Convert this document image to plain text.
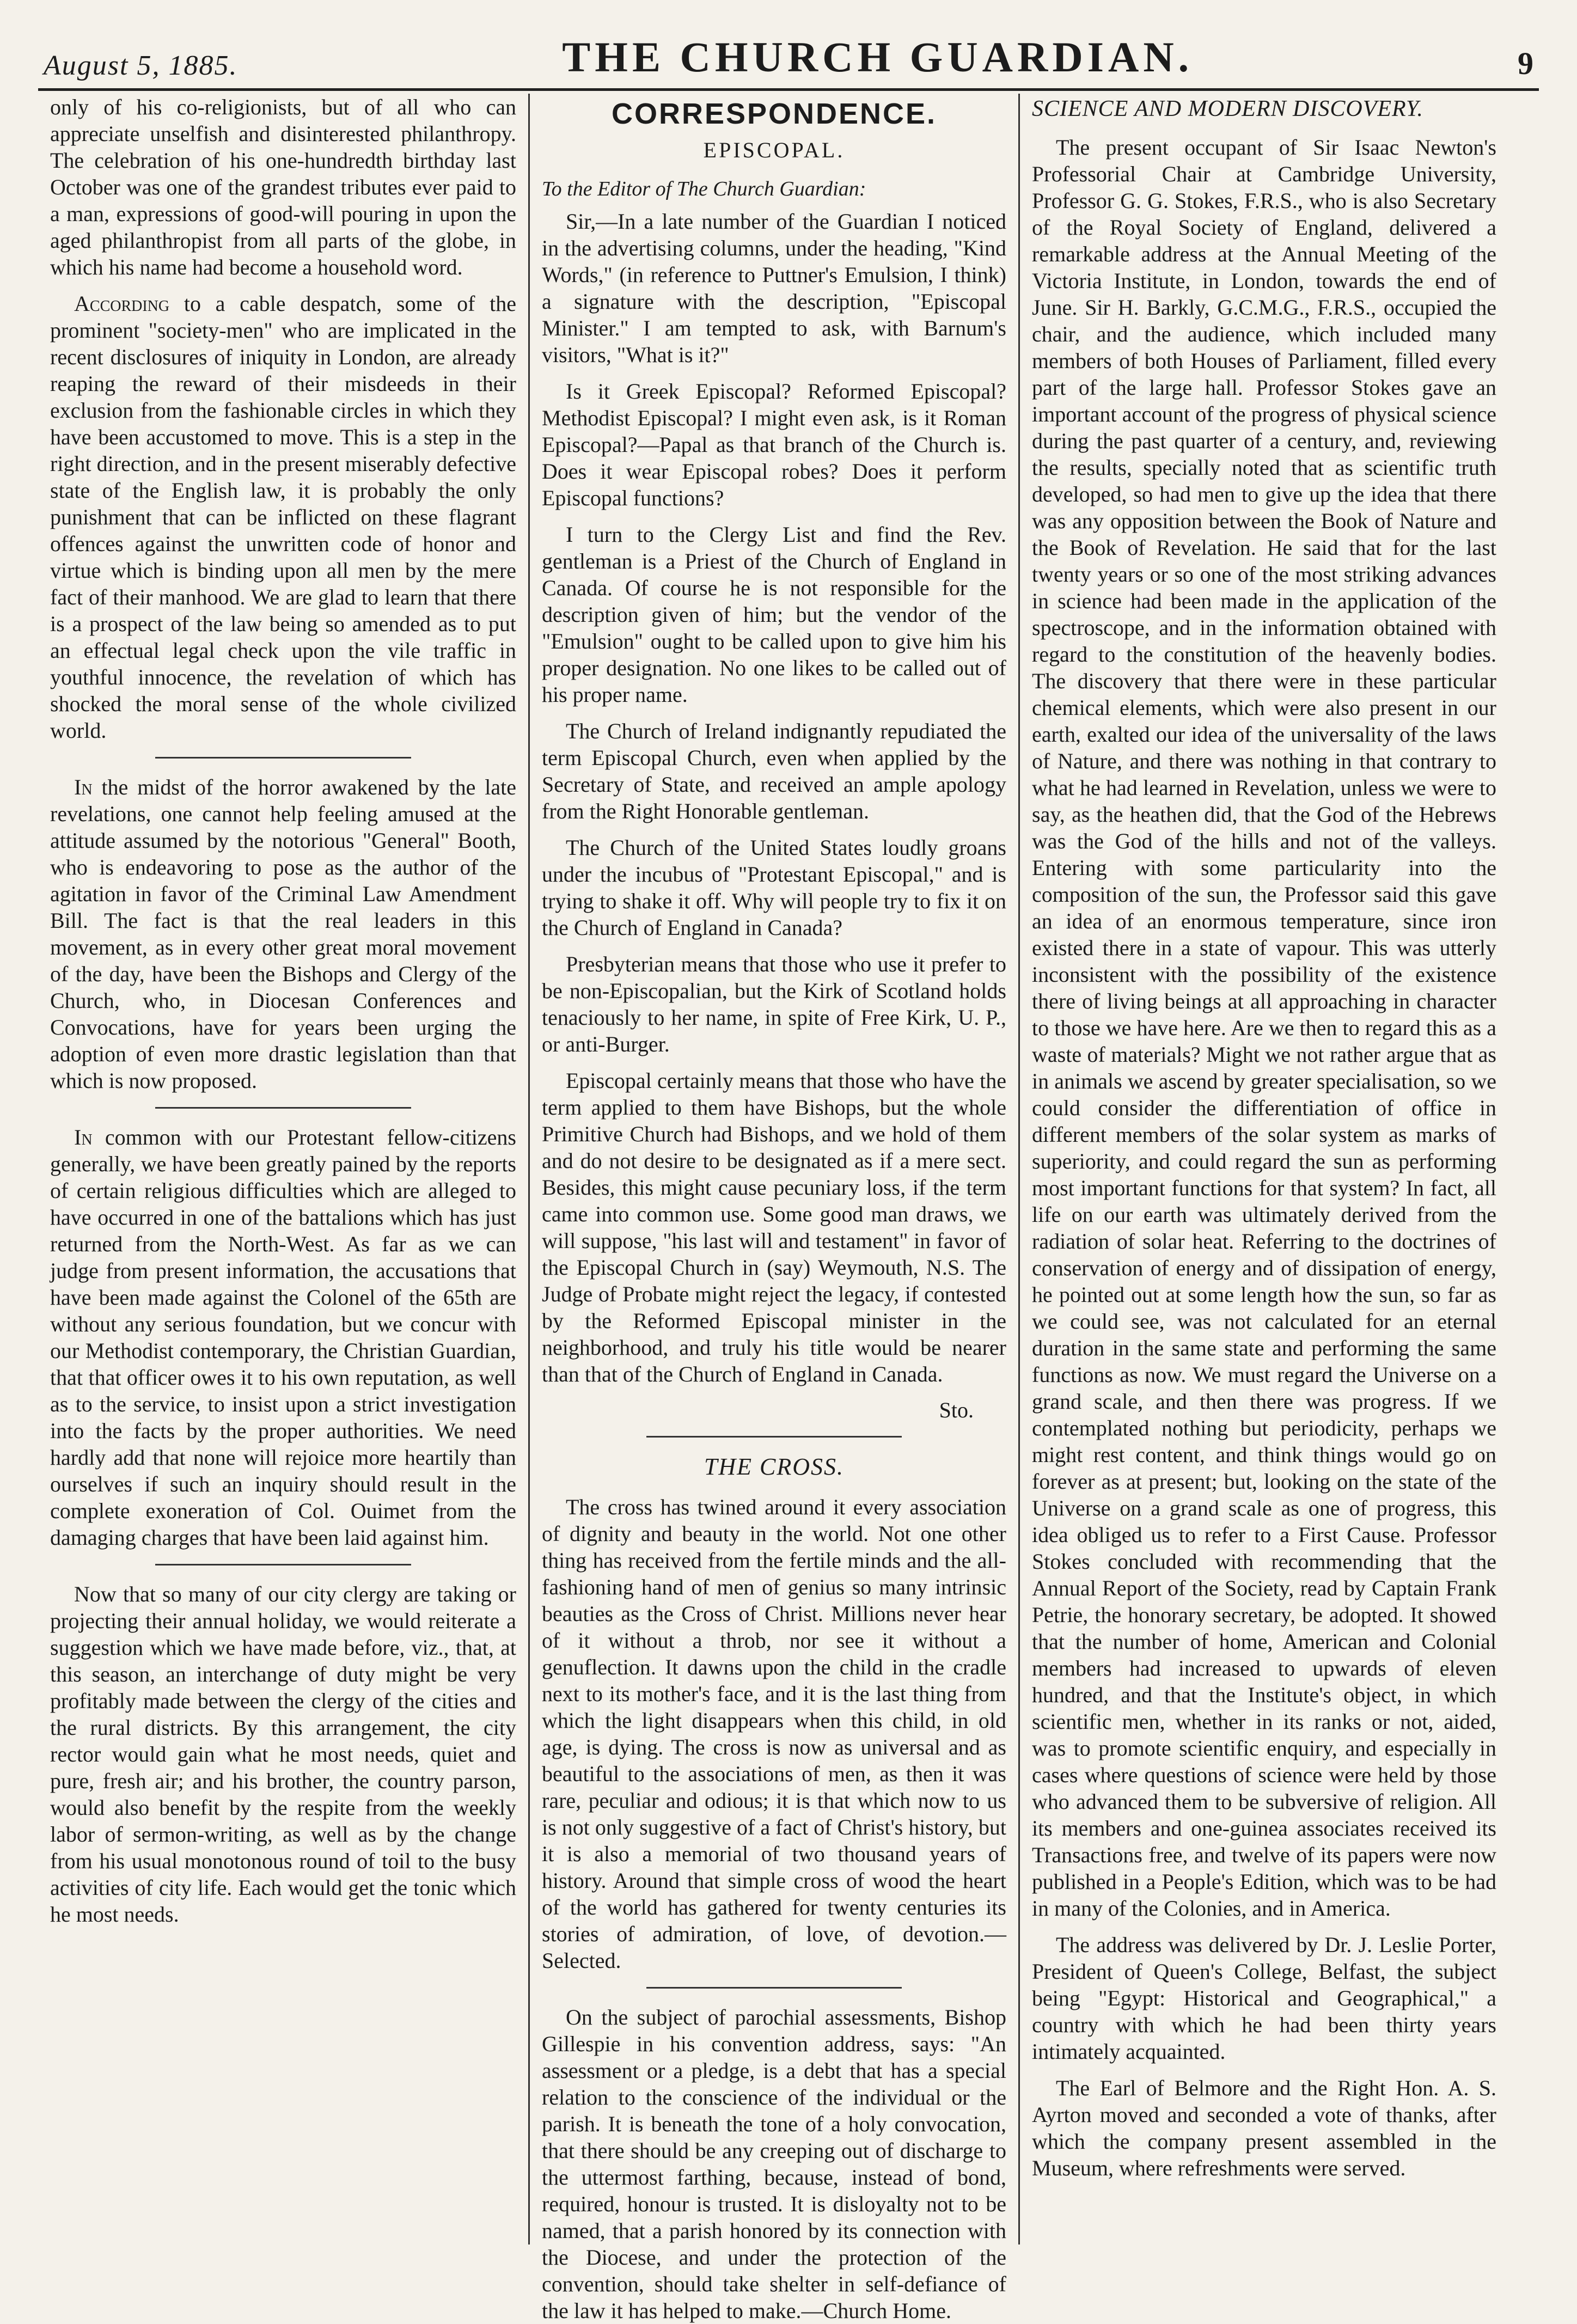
August 5, 1885.	THE CHURCH GUARDIAN.	9

only of his co-religionists, but of all who can appreciate unselfish and disinterested philanthropy. The celebration of his one-hundredth birthday last October was one of the grandest tributes ever paid to a man, expressions of good-will pouring in upon the aged philanthropist from all parts of the globe, in which his name had become a household word.

According to a cable despatch, some of the prominent "society-men" who are implicated in the recent disclosures of iniquity in London, are already reaping the reward of their misdeeds in their exclusion from the fashionable circles in which they have been accustomed to move. This is a step in the right direction, and in the present miserably defective state of the English law, it is probably the only punishment that can be inflicted on these flagrant offences against the unwritten code of honor and virtue which is binding upon all men by the mere fact of their manhood. We are glad to learn that there is a prospect of the law being so amended as to put an effectual legal check upon the vile traffic in youthful innocence, the revelation of which has shocked the moral sense of the whole civilized world.

In the midst of the horror awakened by the late revelations, one cannot help feeling amused at the attitude assumed by the notorious "General" Booth, who is endeavoring to pose as the author of the agitation in favor of the Criminal Law Amendment Bill. The fact is that the real leaders in this movement, as in every other great moral movement of the day, have been the Bishops and Clergy of the Church, who, in Diocesan Conferences and Convocations, have for years been urging the adoption of even more drastic legislation than that which is now proposed.

In common with our Protestant fellow-citizens generally, we have been greatly pained by the reports of certain religious difficulties which are alleged to have occurred in one of the battalions which has just returned from the North-West. As far as we can judge from present information, the accusations that have been made against the Colonel of the 65th are without any serious foundation, but we concur with our Methodist contemporary, the Christian Guardian, that that officer owes it to his own reputation, as well as to the service, to insist upon a strict investigation into the facts by the proper authorities. We need hardly add that none will rejoice more heartily than ourselves if such an inquiry should result in the complete exoneration of Col. Ouimet from the damaging charges that have been laid against him.

Now that so many of our city clergy are taking or projecting their annual holiday, we would reiterate a suggestion which we have made before, viz., that, at this season, an interchange of duty might be very profitably made between the clergy of the cities and the rural districts. By this arrangement, the city rector would gain what he most needs, quiet and pure, fresh air; and his brother, the country parson, would also benefit by the respite from the weekly labor of sermon-writing, as well as by the change from his usual monotonous round of toil to the busy activities of city life. Each would get the tonic which he most needs.

CORRESPONDENCE.
EPISCOPAL.

To the Editor of The Church Guardian:

Sir,—In a late number of the Guardian I noticed in the advertising columns, under the heading, "Kind Words," (in reference to Puttner's Emulsion, I think) a signature with the description, "Episcopal Minister." I am tempted to ask, with Barnum's visitors, "What is it?"

Is it Greek Episcopal? Reformed Episcopal? Methodist Episcopal? I might even ask, is it Roman Episcopal?—Papal as that branch of the Church is. Does it wear Episcopal robes? Does it perform Episcopal functions?

I turn to the Clergy List and find the Rev. gentleman is a Priest of the Church of England in Canada. Of course he is not responsible for the description given of him; but the vendor of the "Emulsion" ought to be called upon to give him his proper designation. No one likes to be called out of his proper name.

The Church of Ireland indignantly repudiated the term Episcopal Church, even when applied by the Secretary of State, and received an ample apology from the Right Honorable gentleman.

The Church of the United States loudly groans under the incubus of "Protestant Episcopal," and is trying to shake it off. Why will people try to fix it on the Church of England in Canada?

Presbyterian means that those who use it prefer to be non-Episcopalian, but the Kirk of Scotland holds tenaciously to her name, in spite of Free Kirk, U. P., or anti-Burger.

Episcopal certainly means that those who have the term applied to them have Bishops, but the whole Primitive Church had Bishops, and we hold of them and do not desire to be designated as if a mere sect. Besides, this might cause pecuniary loss, if the term came into common use. Some good man draws, we will suppose, "his last will and testament" in favor of the Episcopal Church in (say) Weymouth, N.S. The Judge of Probate might reject the legacy, if contested by the Reformed Episcopal minister in the neighborhood, and truly his title would be nearer than that of the Church of England in Canada.

Sto.
THE CROSS.

The cross has twined around it every association of dignity and beauty in the world. Not one other thing has received from the fertile minds and the all-fashioning hand of men of genius so many intrinsic beauties as the Cross of Christ. Millions never hear of it without a throb, nor see it without a genuflection. It dawns upon the child in the cradle next to its mother's face, and it is the last thing from which the light disappears when this child, in old age, is dying. The cross is now as universal and as beautiful to the associations of men, as then it was rare, peculiar and odious; it is that which now to us is not only suggestive of a fact of Christ's history, but it is also a memorial of two thousand years of history. Around that simple cross of wood the heart of the world has gathered for twenty centuries its stories of admiration, of love, of devotion.—Selected.

On the subject of parochial assessments, Bishop Gillespie in his convention address, says: "An assessment or a pledge, is a debt that has a special relation to the conscience of the individual or the parish. It is beneath the tone of a holy convocation, that there should be any creeping out of discharge to the uttermost farthing, because, instead of bond, required, honour is trusted. It is disloyalty not to be named, that a parish honored by its connection with the Diocese, and under the protection of the convention, should take shelter in self-defiance of the law it has helped to make.—Church Home.

SCIENCE AND MODERN DISCOVERY.

The present occupant of Sir Isaac Newton's Professorial Chair at Cambridge University, Professor G. G. Stokes, F.R.S., who is also Secretary of the Royal Society of England, delivered a remarkable address at the Annual Meeting of the Victoria Institute, in London, towards the end of June. Sir H. Barkly, G.C.M.G., F.R.S., occupied the chair, and the audience, which included many members of both Houses of Parliament, filled every part of the large hall. Professor Stokes gave an important account of the progress of physical science during the past quarter of a century, and, reviewing the results, specially noted that as scientific truth developed, so had men to give up the idea that there was any opposition between the Book of Nature and the Book of Revelation. He said that for the last twenty years or so one of the most striking advances in science had been made in the application of the spectroscope, and in the information obtained with regard to the constitution of the heavenly bodies. The discovery that there were in these particular chemical elements, which were also present in our earth, exalted our idea of the universality of the laws of Nature, and there was nothing in that contrary to what he had learned in Revelation, unless we were to say, as the heathen did, that the God of the Hebrews was the God of the hills and not of the valleys. Entering with some particularity into the composition of the sun, the Professor said this gave an idea of an enormous temperature, since iron existed there in a state of vapour. This was utterly inconsistent with the possibility of the existence there of living beings at all approaching in character to those we have here. Are we then to regard this as a waste of materials? Might we not rather argue that as in animals we ascend by greater specialisation, so we could consider the differentiation of office in different members of the solar system as marks of superiority, and could regard the sun as performing most important functions for that system? In fact, all life on our earth was ultimately derived from the radiation of solar heat. Referring to the doctrines of conservation of energy and of dissipation of energy, he pointed out at some length how the sun, so far as we could see, was not calculated for an eternal duration in the same state and performing the same functions as now. We must regard the Universe on a grand scale, and then there was progress. If we contemplated nothing but periodicity, perhaps we might rest content, and think things would go on forever as at present; but, looking on the state of the Universe on a grand scale as one of progress, this idea obliged us to refer to a First Cause. Professor Stokes concluded with recommending that the Annual Report of the Society, read by Captain Frank Petrie, the honorary secretary, be adopted. It showed that the number of home, American and Colonial members had increased to upwards of eleven hundred, and that the Institute's object, in which scientific men, whether in its ranks or not, aided, was to promote scientific enquiry, and especially in cases where questions of science were held by those who advanced them to be subversive of religion. All its members and one-guinea associates received its Transactions free, and twelve of its papers were now published in a People's Edition, which was to be had in many of the Colonies, and in America.

The address was delivered by Dr. J. Leslie Porter, President of Queen's College, Belfast, the subject being "Egypt: Historical and Geographical," a country with which he had been thirty years intimately acquainted.

The Earl of Belmore and the Right Hon. A. S. Ayrton moved and seconded a vote of thanks, after which the company present assembled in the Museum, where refreshments were served.
